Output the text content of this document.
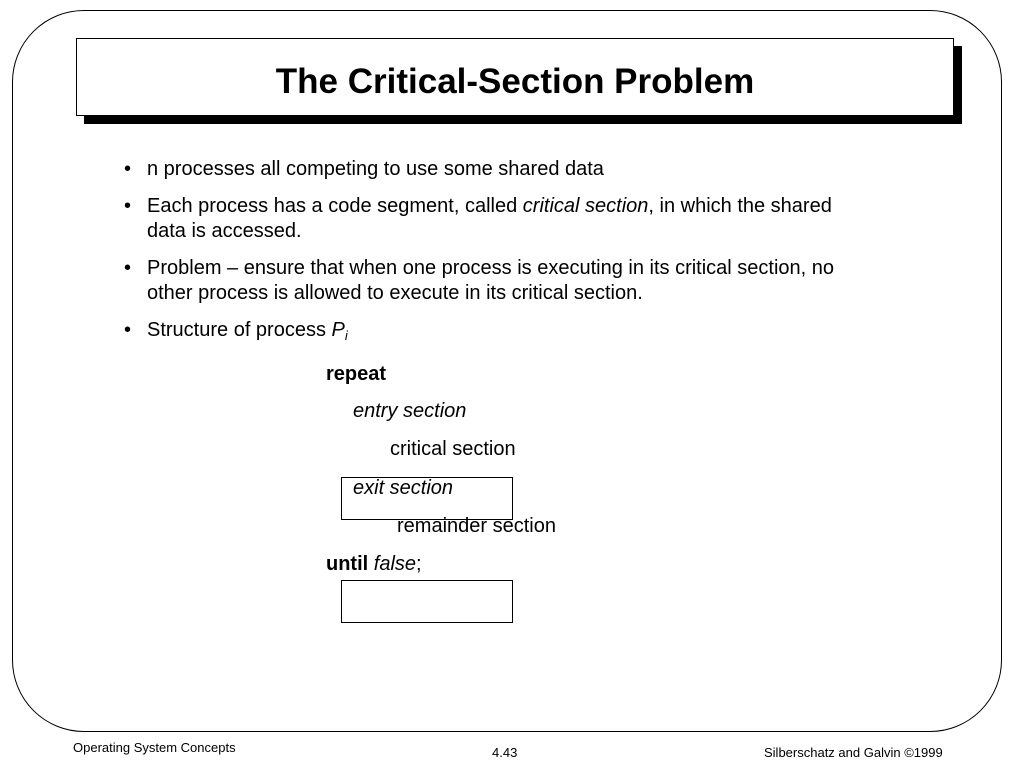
The Critical-Section Problem
• n processes all competing to use some shared data
• Each process has a code segment, called critical section, in which the shared data is accessed.
• Problem – ensure that when one process is executing in its critical section, no other process is allowed to execute in its critical section.
• Structure of process $P_i$
repeat
entry section
critical section
exit section
remainder section
until false;
Operating System Concepts	4.43	Silberschatz and Galvin ©1999
